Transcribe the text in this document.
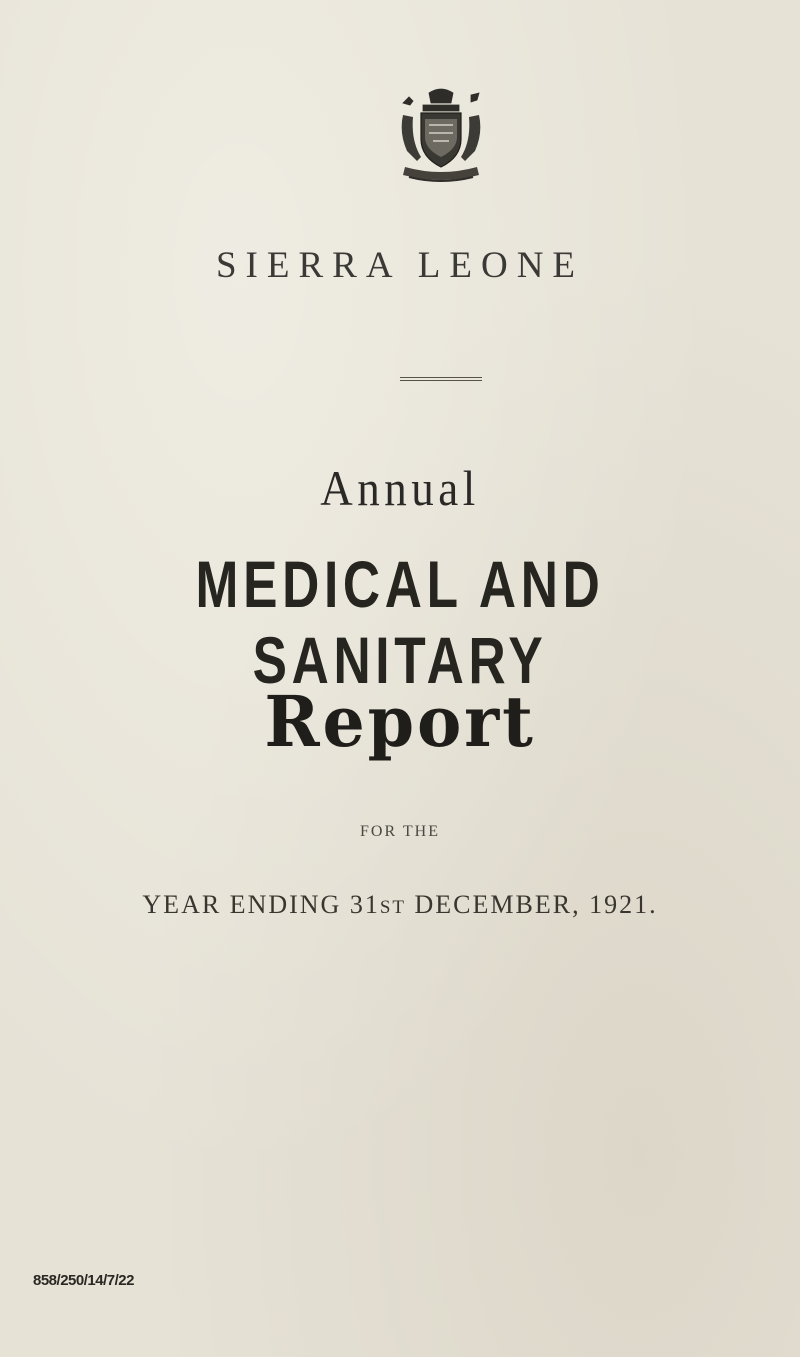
SIERRA LEONE
Annual
MEDICAL AND SANITARY
Report
FOR THE
YEAR ENDING 31ST DECEMBER, 1921.
858/250/14/7/22
